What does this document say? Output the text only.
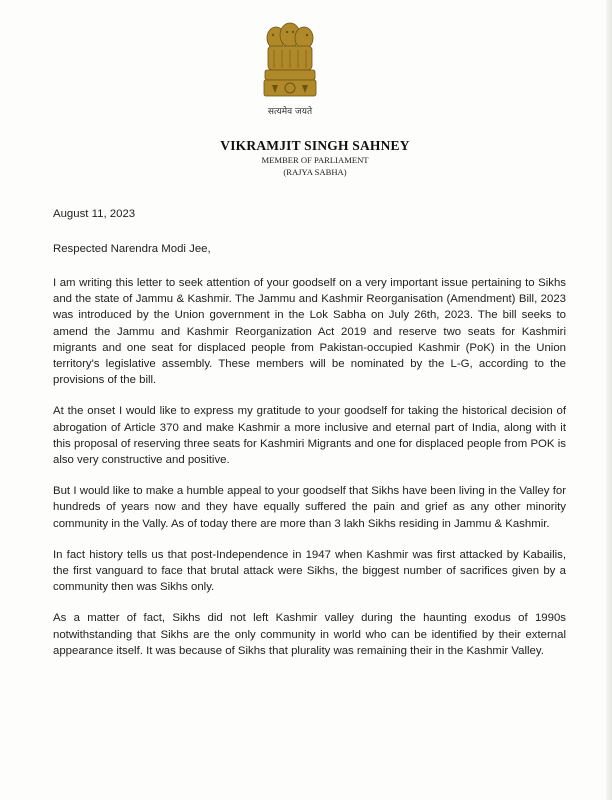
सत्यमेव जयते
VIKRAMJIT SINGH SAHNEY
MEMBER OF PARLIAMENT
(RAJYA SABHA)
August 11, 2023
Respected Narendra Modi Jee,

I am writing this letter to seek attention of your goodself on a very important issue pertaining to Sikhs and the state of Jammu & Kashmir. The Jammu and Kashmir Reorganisation (Amendment) Bill, 2023 was introduced by the Union government in the Lok Sabha on July 26th, 2023. The bill seeks to amend the Jammu and Kashmir Reorganization Act 2019 and reserve two seats for Kashmiri migrants and one seat for displaced people from Pakistan-occupied Kashmir (PoK) in the Union territory's legislative assembly. These members will be nominated by the L-G, according to the provisions of the bill.

At the onset I would like to express my gratitude to your goodself for taking the historical decision of abrogation of Article 370 and make Kashmir a more inclusive and eternal part of India, along with it this proposal of reserving three seats for Kashmiri Migrants and one for displaced people from POK is also very constructive and positive.

But I would like to make a humble appeal to your goodself that Sikhs have been living in the Valley for hundreds of years now and they have equally suffered the pain and grief as any other minority community in the Vally. As of today there are more than 3 lakh Sikhs residing in Jammu & Kashmir.

In fact history tells us that post-Independence in 1947 when Kashmir was first attacked by Kabailis, the first vanguard to face that brutal attack were Sikhs, the biggest number of sacrifices given by a community then was Sikhs only.

As a matter of fact, Sikhs did not left Kashmir valley during the haunting exodus of 1990s notwithstanding that Sikhs are the only community in world who can be identified by their external appearance itself. It was because of Sikhs that plurality was remaining their in the Kashmir Valley.
